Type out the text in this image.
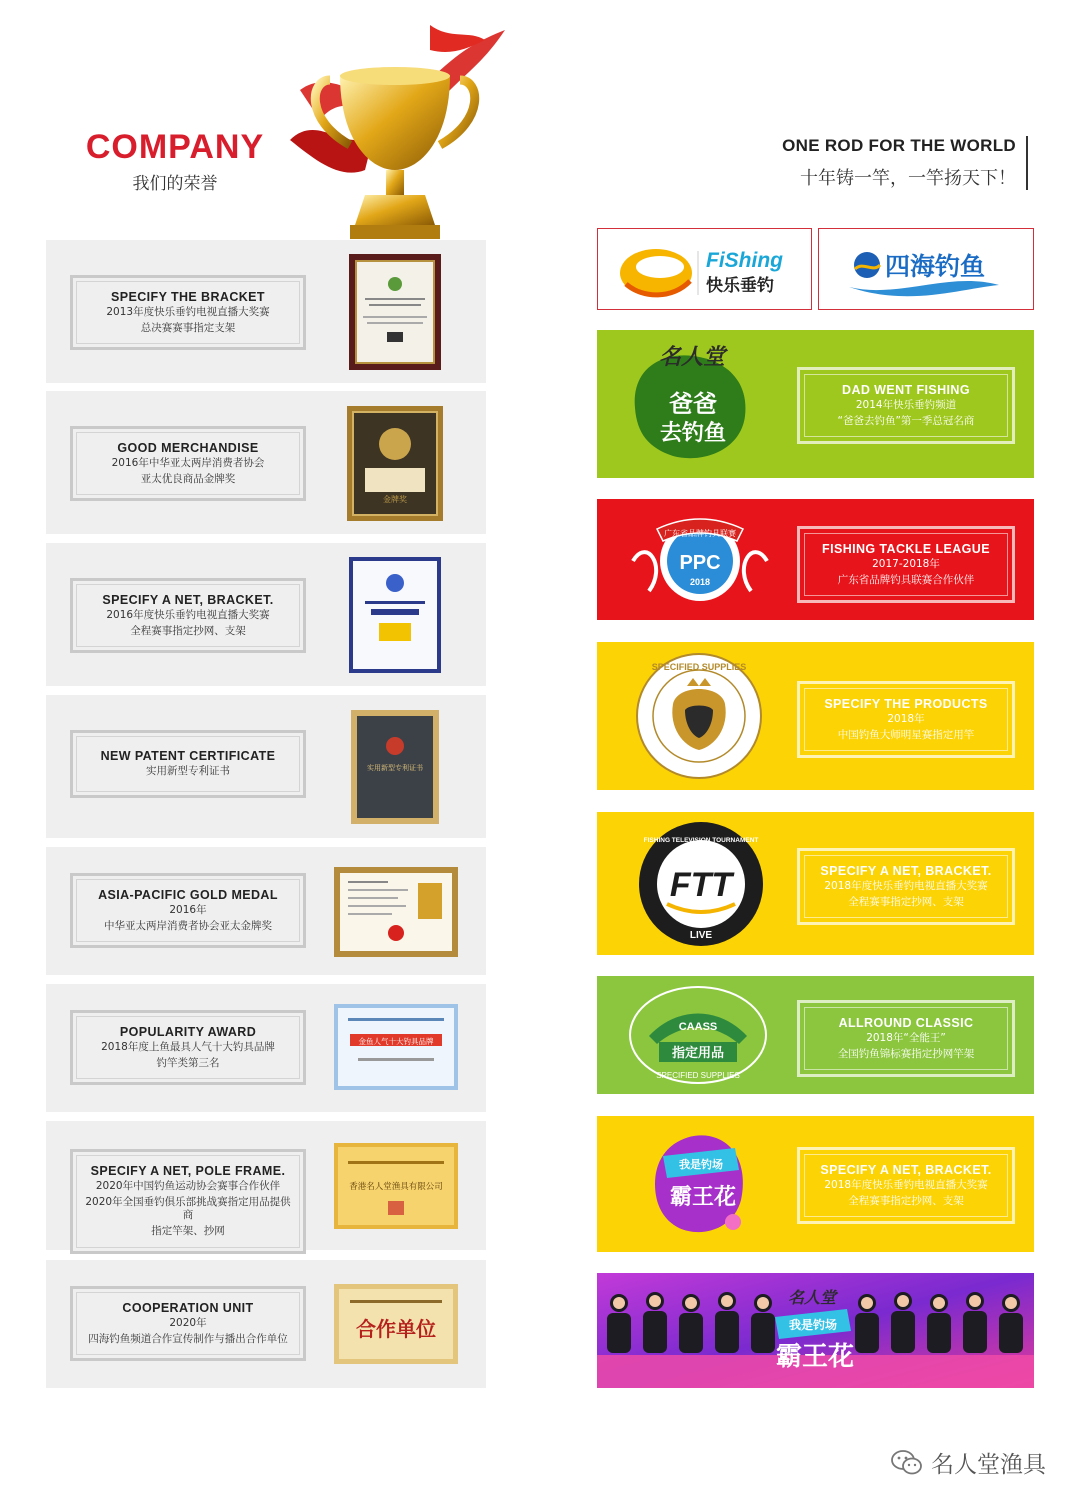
COMPANY
我们的荣誉
ONE ROD FOR THE WORLD
十年铸一竿，一竿扬天下！
FiShing
快乐垂钓
四海钓鱼
SPECIFY THE BRACKET
2013年度快乐垂钓电视直播大奖赛
总决赛赛事指定支架
GOOD MERCHANDISE
2016年中华亚太两岸消费者协会
亚太优良商品金牌奖
金牌奖
SPECIFY A NET, BRACKET.
2016年度快乐垂钓电视直播大奖赛
全程赛事指定抄网、支架
NEW PATENT CERTIFICATE
实用新型专利证书	实用新型专利证书
ASIA-PACIFIC GOLD MEDAL
2016年
中华亚太两岸消费者协会亚太金牌奖
POPULARITY AWARD
2018年度上鱼最具人气十大钓具品牌
钓竿类第三名
金鱼人气十大钓具品牌
SPECIFY A NET, POLE FRAME.
2020年中国钓鱼运动协会赛事合作伙伴
2020年全国垂钓俱乐部挑战赛指定用品提供商
指定竿架、抄网
香港名人堂渔具有限公司
COOPERATION UNIT
2020年
四海钓鱼频道合作宣传制作与播出合作单位	合作单位
名人堂
爸爸
去钓鱼
DAD WENT FISHING
2014年快乐垂钓频道
“爸爸去钓鱼”第一季总冠名商
广东省品牌钓具联赛
PPC
2018
FISHING TACKLE LEAGUE
2017-2018年
广东省品牌钓具联赛合作伙伴
SPECIFIED SUPPLIES
SPECIFY THE PRODUCTS
2018年
中国钓鱼大师明星赛指定用竿
FISHING TELEVISION TOURNAMENT
FTT
LIVE
SPECIFY A NET, BRACKET.
2018年度快乐垂钓电视直播大奖赛
全程赛事指定抄网、支架
CAASS
指定用品
SPECIFIED SUPPLIES
ALLROUND CLASSIC
2018年“全能王”
全国钓鱼锦标赛指定抄网竿架
我是钓场
霸王花
SPECIFY A NET, BRACKET.
2018年度快乐垂钓电视直播大奖赛
全程赛事指定抄网、支架
名人堂
我是钓场
霸王花
名人堂渔具
